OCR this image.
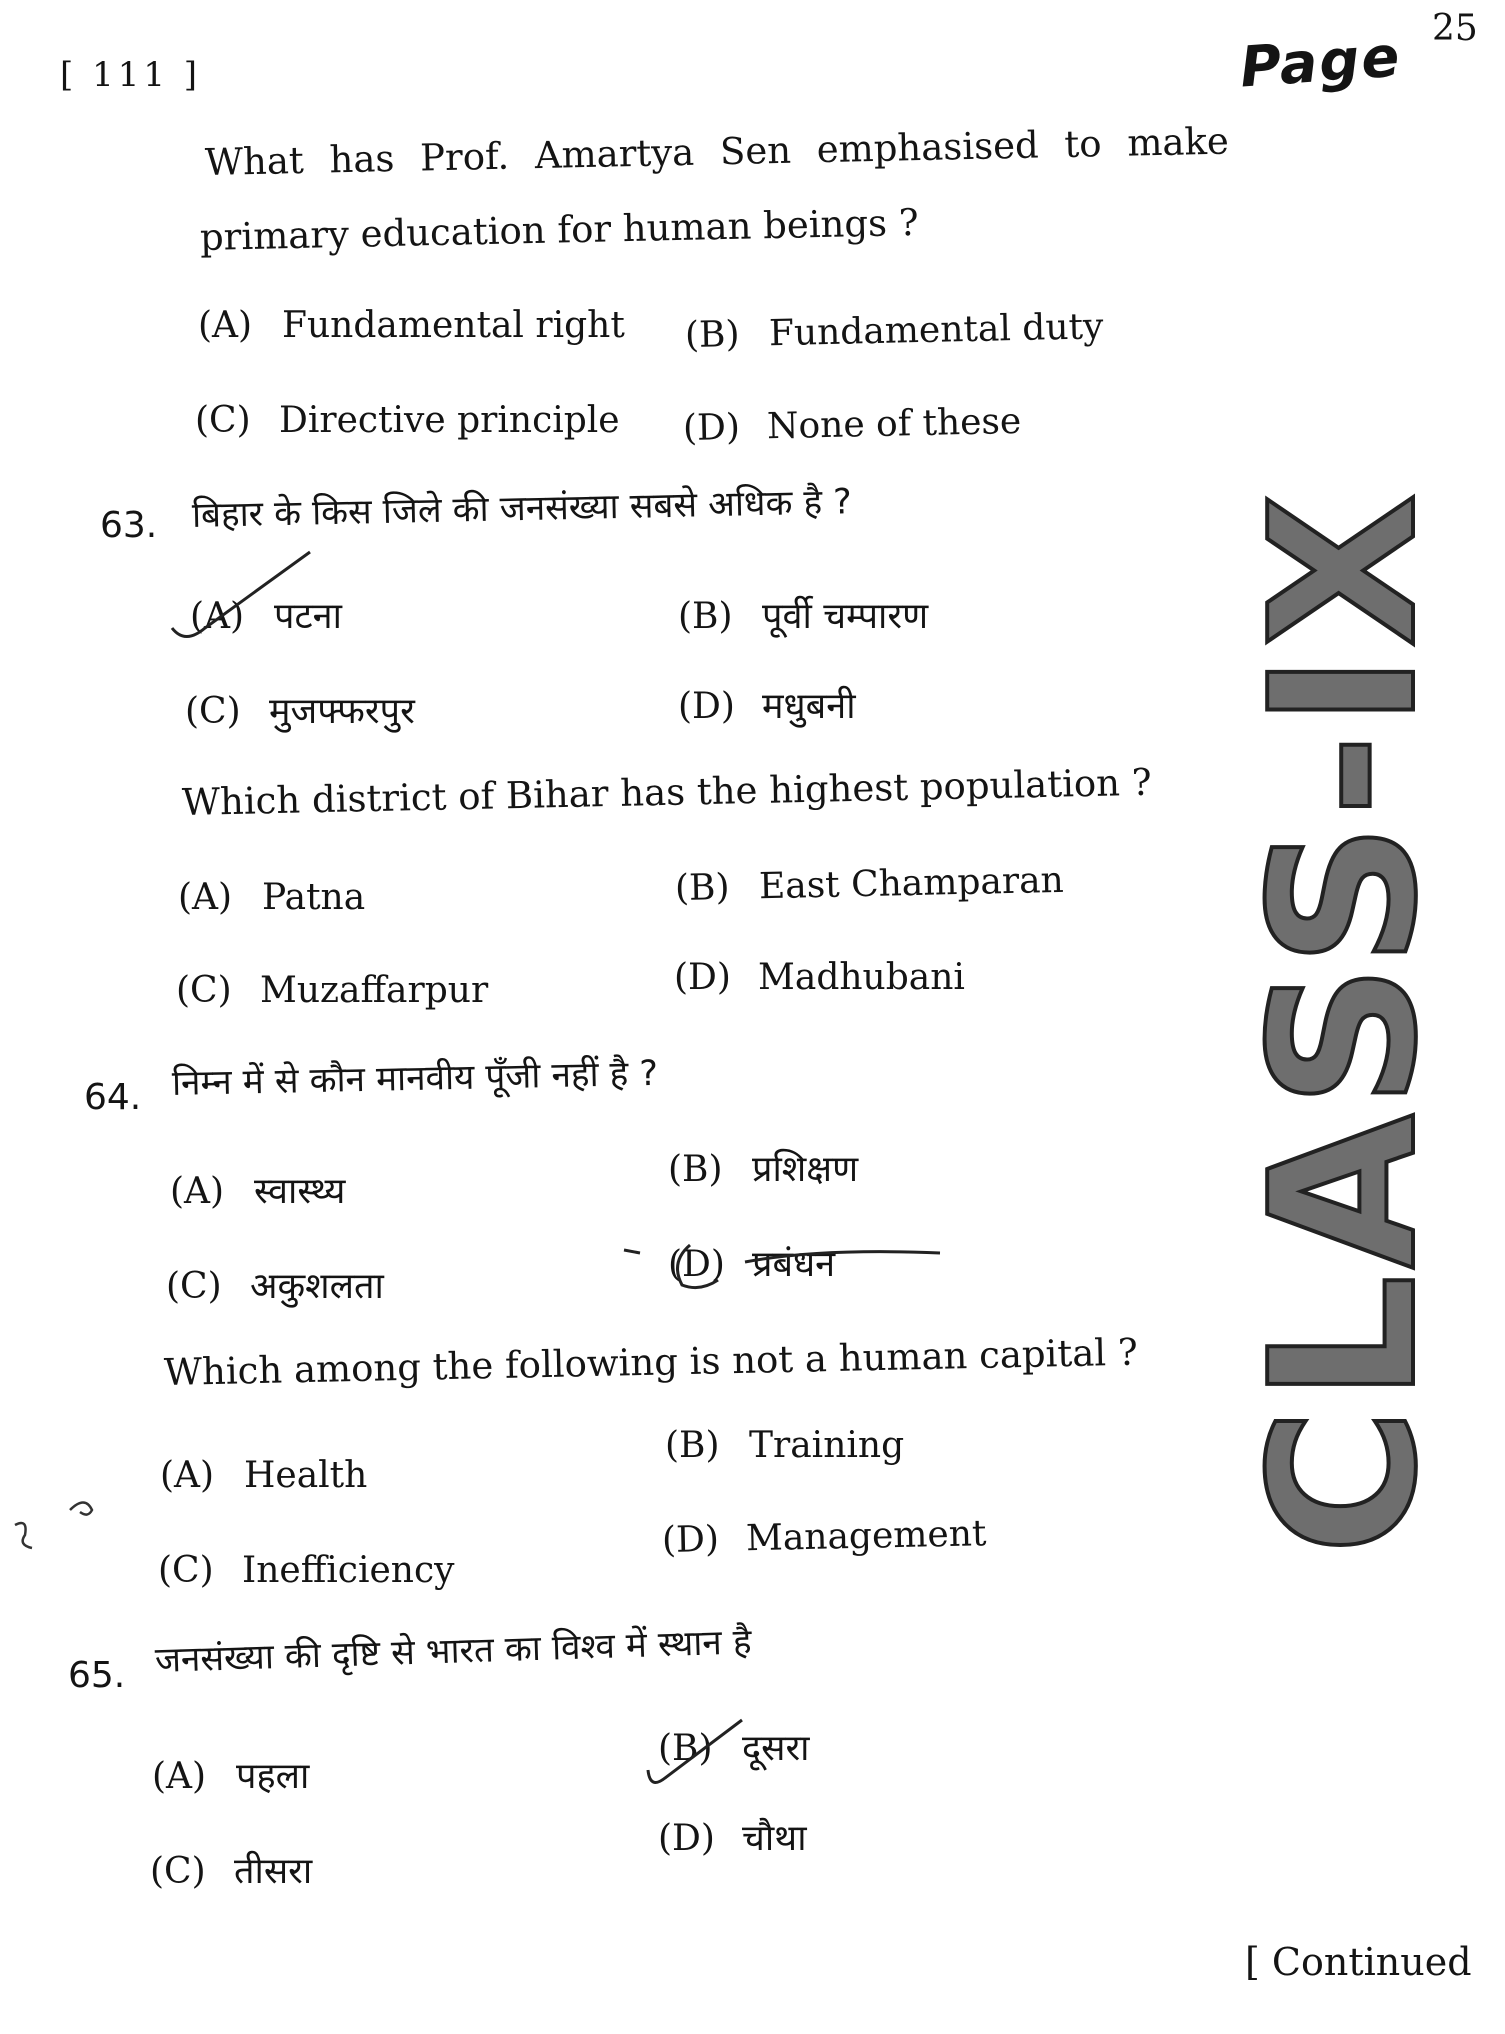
[ 111 ]	Page 25
What has Prof. Amartya Sen emphasised to make
primary education for human beings ?
(A) Fundamental right (B) Fundamental duty
(C) Directive principle (D) None of these
63. बिहार के किस जिले की जनसंख्या सबसे अधिक है ?
(A) पटना	(B) पूर्वी चम्पारण
(C) मुजफ्फरपुर	(D) मधुबनी
Which district of Bihar has the highest population ?
(A) Patna	(B) East Champaran
(C) Muzaffarpur	(D) Madhubani
64. निम्न में से कौन मानवीय पूँजी नहीं है ?
(A) स्वास्थ्य
(B) प्रशिक्षण
(C) अकुशलता
(D) प्रबंधन
Which among the following is not a human capital ?
(A) Health
(B) Training
(C) Inefficiency
(D) Management
65. जनसंख्या की दृष्टि से भारत का विश्व में स्थान है
(A) पहला
(B) दूसरा
(C) तीसरा
(D) चौथा
CLASS-IX
[ Continued
